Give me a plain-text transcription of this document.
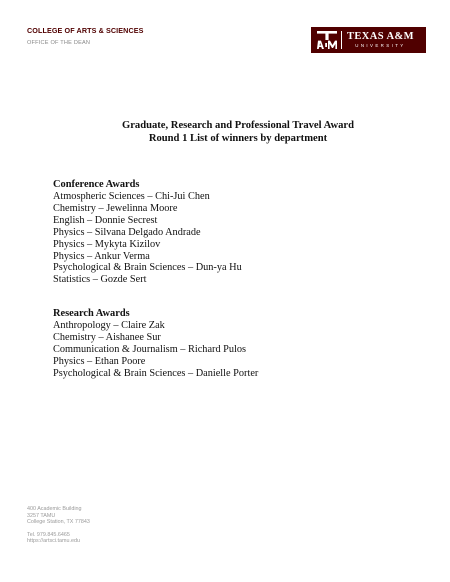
COLLEGE OF ARTS & SCIENCES
OFFICE OF THE DEAN
TEXAS A&M
UNIVERSITY
Graduate, Research and Professional Travel Award
Round 1 List of winners by department
Conference Awards
Atmospheric Sciences – Chi-Jui Chen
Chemistry – Jewelinna Moore
English – Donnie Secrest
Physics – Silvana Delgado Andrade
Physics – Mykyta Kizilov
Physics – Ankur Verma
Psychological & Brain Sciences – Dun-ya Hu
Statistics – Gozde Sert
Research Awards
Anthropology – Claire Zak
Chemistry – Aishanee Sur
Communication & Journalism – Richard Pulos
Physics – Ethan Poore
Psychological & Brain Sciences – Danielle Porter
400 Academic Building
3257 TAMU
College Station, TX 77843
Tel. 979.845.6465
https://artsci.tamu.edu
